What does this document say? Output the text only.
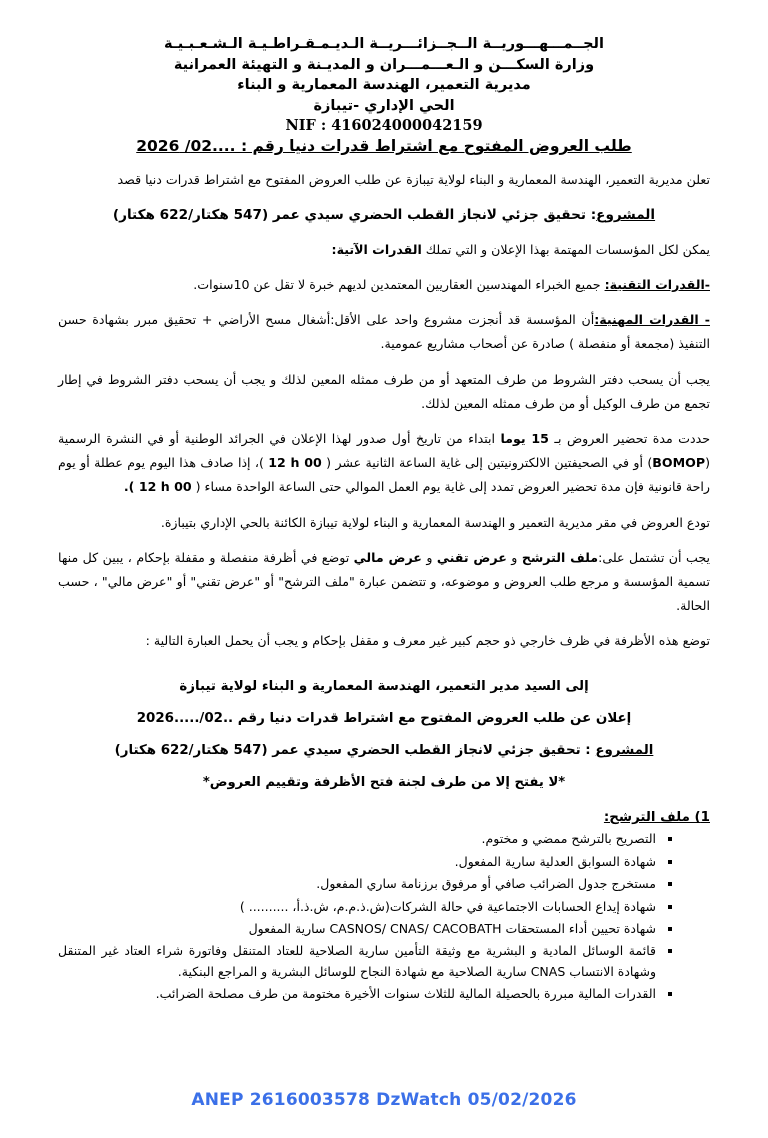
الجــمـــهـــوريــة الــجــزائـــريــة الـديـمـقـراطـيـة الـشـعـبـيـة
وزارة السكـــن و الـعـــمـــران و المديـنة و التهيئة العمرانية
مديرية التعمير، الهندسة المعمارية و البناء
الحي الإداري -تيبازة
NIF : 416024000042159
طلب العروض المفتوح مع اشتراط قدرات دنيا رقم : ....02/ 2026

تعلن مديرية التعمير، الهندسة المعمارية و البناء لولاية تيبازة عن طلب العروض المفتوح مع اشتراط قدرات دنيا قصد

المشروع: تحقيق جزئي لانجاز القطب الحضري سيدي عمر (547 هكتار/622 هكتار)

يمكن لكل المؤسسات المهتمة بهذا الإعلان و التي تملك القدرات الآتية:

-القدرات التقنية: جميع الخبراء المهندسين العقاريين المعتمدين لديهم خبرة لا تقل عن 10سنوات.

- القدرات المهنية:أن المؤسسة قد أنجزت مشروع واحد على الأقل:أشغال مسح الأراضي + تحقيق مبرر بشهادة حسن التنفيذ (مجمعة أو منفصلة ) صادرة عن أصحاب مشاريع عمومية.

يجب أن يسحب دفتر الشروط من طرف المتعهد أو من طرف ممثله المعين لذلك و يجب أن يسحب دفتر الشروط في إطار تجمع من طرف الوكيل أو من طرف ممثله المعين لذلك.

حددت مدة تحضير العروض بـ 15 يوما ابتداء من تاريخ أول صدور لهذا الإعلان في الجرائد الوطنية أو في النشرة الرسمية (BOMOP) أو في الصحيفتين الالكترونيتين إلى غاية الساعة الثانية عشر ( 12 h 00 )، إذا صادف هذا اليوم يوم عطلة أو يوم راحة قانونية فإن مدة تحضير العروض تمدد إلى غاية يوم العمل الموالي حتى الساعة الواحدة مساء ( 12 h 00 ).

تودع العروض في مقر مديرية التعمير و الهندسة المعمارية و البناء لولاية تيبازة الكائنة بالحي الإداري بتيبازة.

يجب أن تشتمل على:ملف الترشح و عرض تقني و عرض مالي توضع في أظرفة منفصلة و مقفلة بإحكام ، يبين كل منها تسمية المؤسسة و مرجع طلب العروض و موضوعه، و تتضمن عبارة "ملف الترشح" أو "عرض تقني" أو "عرض مالي" ، حسب الحالة.

توضع هذه الأظرفة في ظرف خارجي ذو حجم كبير غير معرف و مقفل بإحكام و يجب أن يحمل العبارة التالية :

إلى السيد مدير التعمير، الهندسة المعمارية و البناء لولاية تيبازة

إعلان عن طلب العروض المفتوح مع اشتراط قدرات دنيا رقم ..02/.....2026

المشروع : تحقيق جزئي لانجاز القطب الحضري سيدي عمر (547 هكتار/622 هكتار)

*لا يفتح إلا من طرف لجنة فتح الأظرفة وتقييم العروض*

1) ملف الترشح:
التصريح بالترشح ممضي و مختوم.
شهادة السوابق العدلية سارية المفعول.
مستخرج جدول الضرائب صافي أو مرفوق برزنامة ساري المفعول.
شهادة إيداع الحسابات الاجتماعية في حالة الشركات(ش.ذ.م.م، ش.ذ.أ، .......... )
شهادة تحيين أداء المستحقات CASNOS/ CNAS/ CACOBATH سارية المفعول
قائمة الوسائل المادية و البشرية مع وثيقة التأمين سارية الصلاحية للعتاد المتنقل وفاتورة شراء العتاد غير المتنقل وشهادة الانتساب CNAS سارية الصلاحية مع شهادة النجاح للوسائل البشرية و المراجع البنكية.
القدرات المالية مبررة بالحصيلة المالية للثلاث سنوات الأخيرة مختومة من طرف مصلحة الضرائب.
ANEP 2616003578 DzWatch 05/02/2026
